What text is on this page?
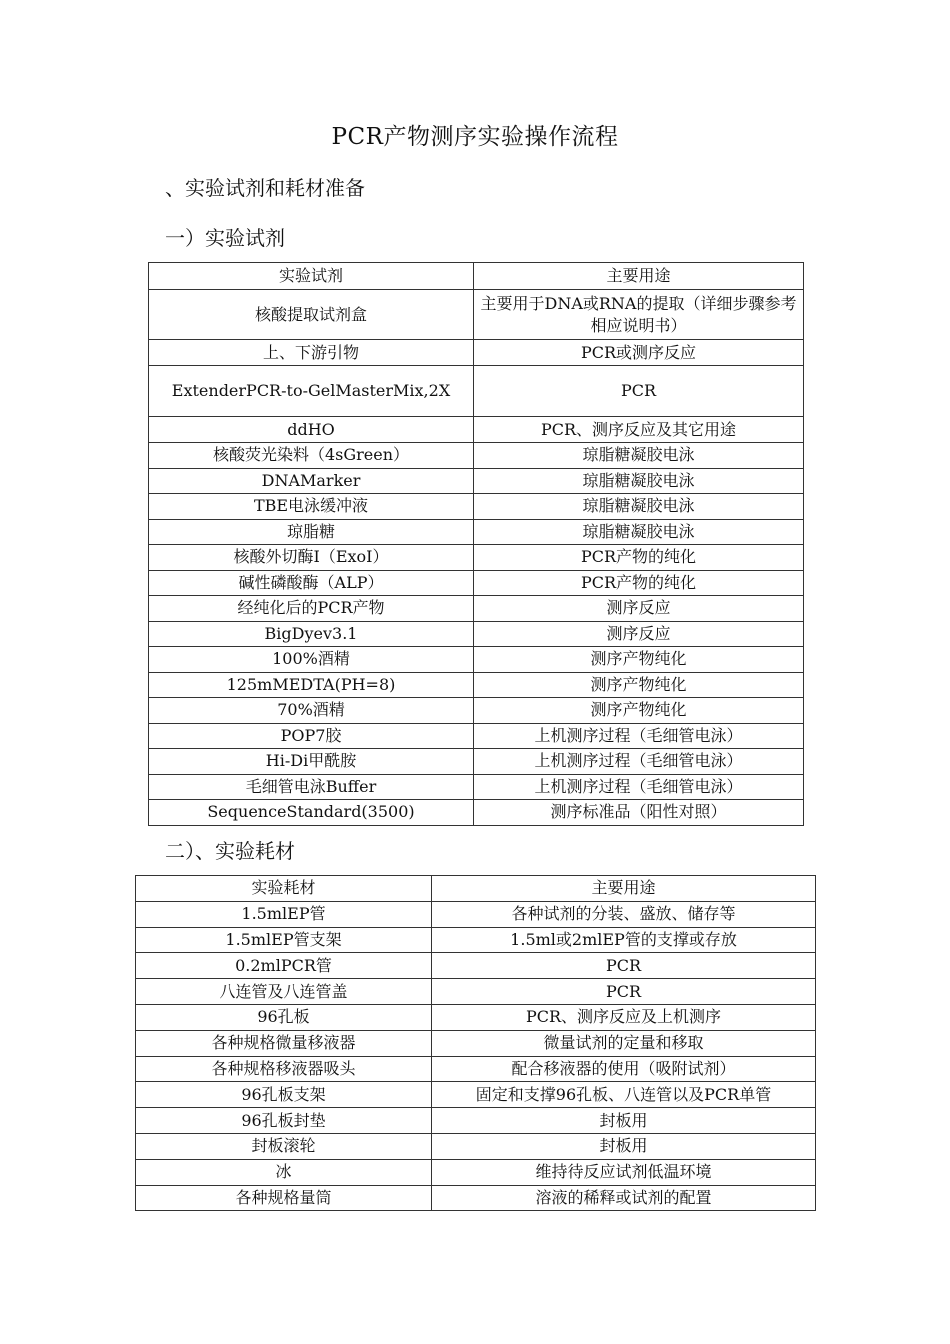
PCR产物测序实验操作流程
、实验试剂和耗材准备
一）实验试剂
实验试剂	主要用途
核酸提取试剂盒	主要用于DNA或RNA的提取（详细步骤参考相应说明书）
上、下游引物	PCR或测序反应
ExtenderPCR-to-GelMasterMix,2X	PCR
ddHO	PCR、测序反应及其它用途
核酸荧光染料（4sGreen）	琼脂糖凝胶电泳
DNAMarker	琼脂糖凝胶电泳
TBE电泳缓冲液	琼脂糖凝胶电泳
琼脂糖	琼脂糖凝胶电泳
核酸外切酶I（ExoI）	PCR产物的纯化
碱性磷酸酶（ALP）	PCR产物的纯化
经纯化后的PCR产物	测序反应
BigDyev3.1	测序反应
100%酒精	测序产物纯化
125mMEDTA(PH=8)	测序产物纯化
70%酒精	测序产物纯化
POP7胶	上机测序过程（毛细管电泳）
Hi-Di甲酰胺	上机测序过程（毛细管电泳）
毛细管电泳Buffer	上机测序过程（毛细管电泳）
SequenceStandard(3500)	测序标准品（阳性对照）
二）、实验耗材
实验耗材	主要用途
1.5mlEP管	各种试剂的分装、盛放、储存等
1.5mlEP管支架	1.5ml或2mlEP管的支撑或存放
0.2mlPCR管	PCR
八连管及八连管盖	PCR
96孔板	PCR、测序反应及上机测序
各种规格微量移液器	微量试剂的定量和移取
各种规格移液器吸头	配合移液器的使用（吸附试剂）
96孔板支架	固定和支撑96孔板、八连管以及PCR单管
96孔板封垫	封板用
封板滚轮	封板用
冰	维持待反应试剂低温环境
各种规格量筒	溶液的稀释或试剂的配置
